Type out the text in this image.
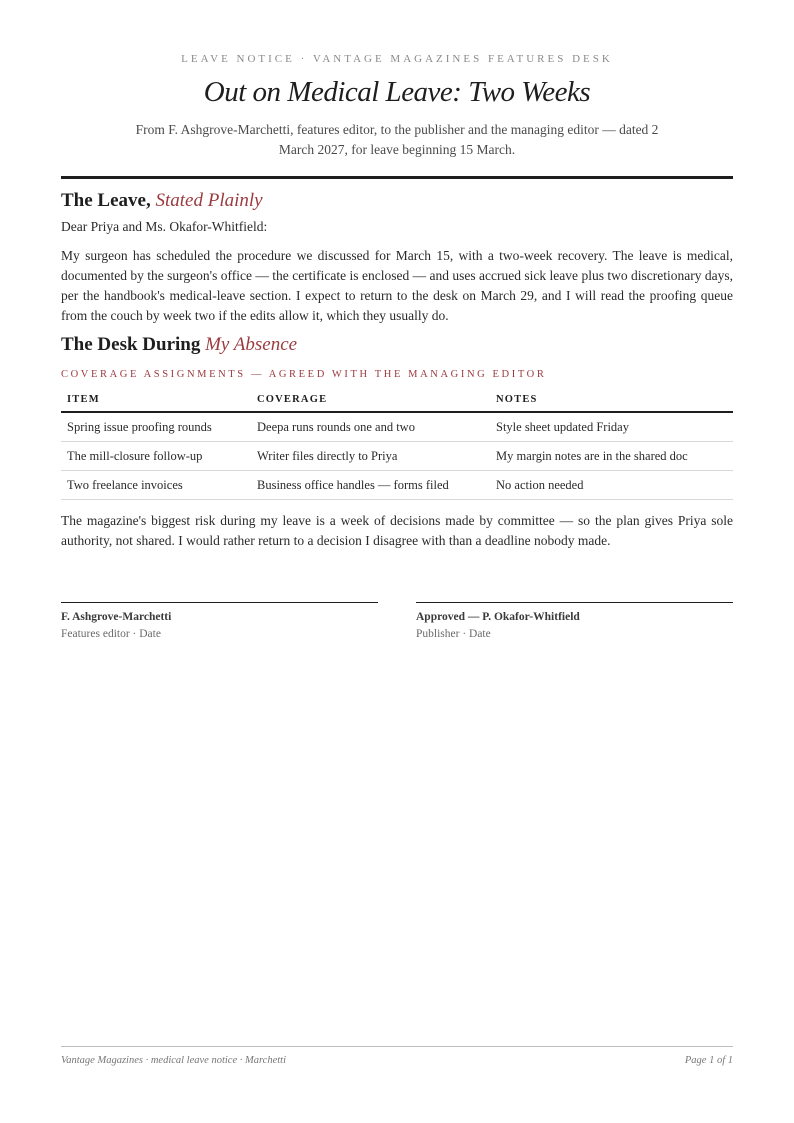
LEAVE NOTICE · VANTAGE MAGAZINES FEATURES DESK
Out on Medical Leave: Two Weeks
From F. Ashgrove-Marchetti, features editor, to the publisher and the managing editor — dated 2 March 2027, for leave beginning 15 March.
The Leave, Stated Plainly
Dear Priya and Ms. Okafor-Whitfield:
My surgeon has scheduled the procedure we discussed for March 15, with a two-week recovery. The leave is medical, documented by the surgeon's office — the certificate is enclosed — and uses accrued sick leave plus two discretionary days, per the handbook's medical-leave section. I expect to return to the desk on March 29, and I will read the proofing queue from the couch by week two if the edits allow it, which they usually do.
The Desk During My Absence
COVERAGE ASSIGNMENTS — AGREED WITH THE MANAGING EDITOR
ITEM	COVERAGE	NOTES
Spring issue proofing rounds	Deepa runs rounds one and two	Style sheet updated Friday
The mill-closure follow-up	Writer files directly to Priya	My margin notes are in the shared doc
Two freelance invoices	Business office handles — forms filed	No action needed
The magazine's biggest risk during my leave is a week of decisions made by committee — so the plan gives Priya sole authority, not shared. I would rather return to a decision I disagree with than a deadline nobody made.
F. Ashgrove-Marchetti
Features editor · Date
Approved — P. Okafor-Whitfield
Publisher · Date
Vantage Magazines · medical leave notice · Marchetti	Page 1 of 1
